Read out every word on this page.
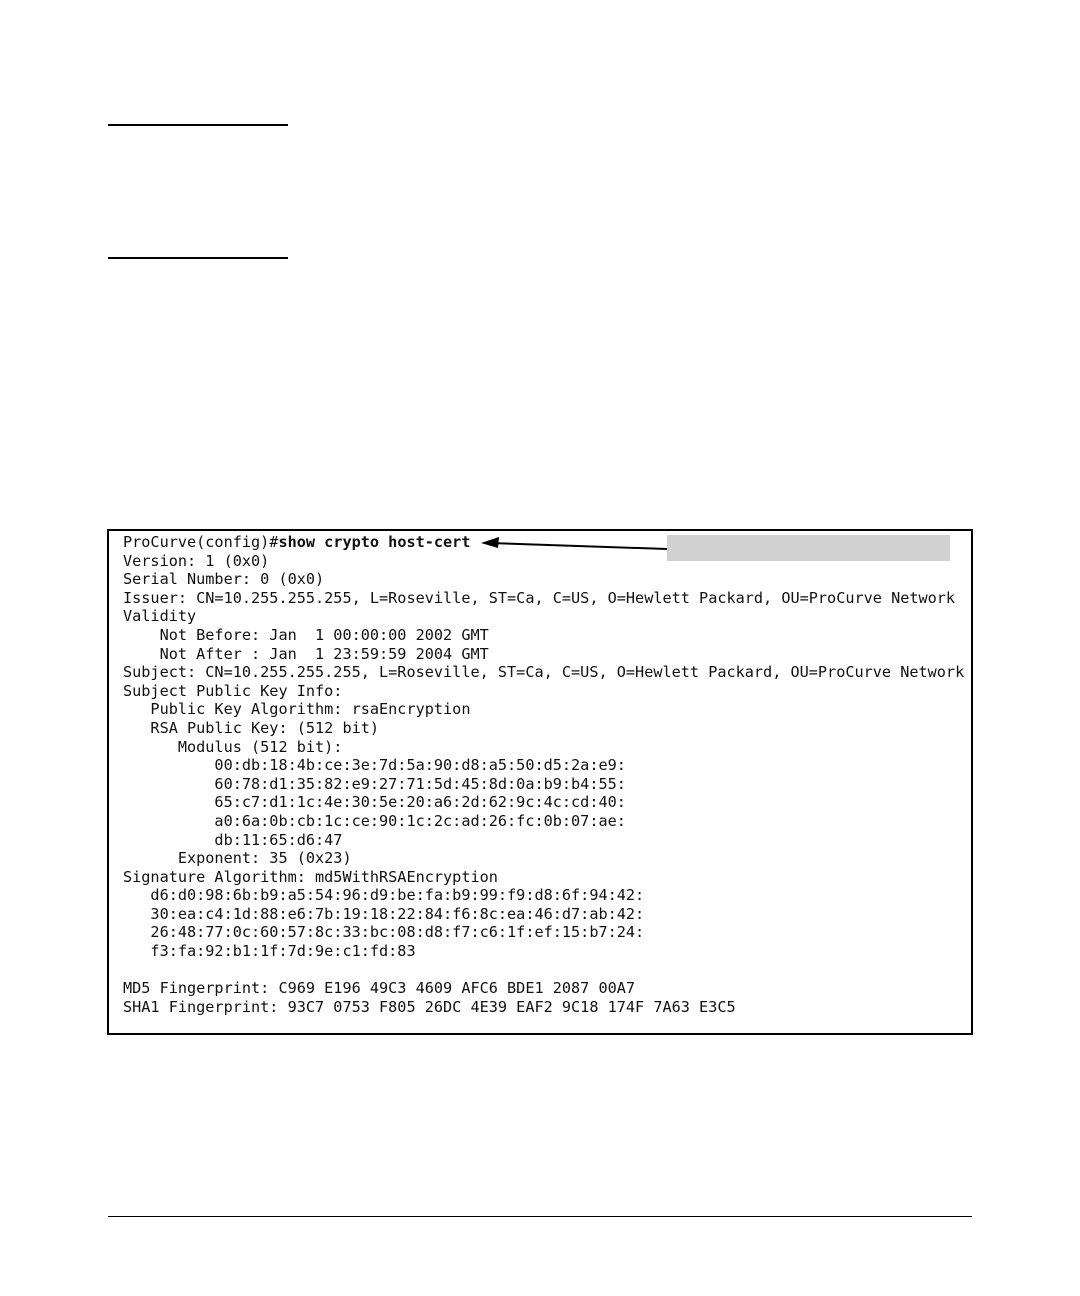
ProCurve(config)#show crypto host-cert
Version: 1 (0x0)
Serial Number: 0 (0x0)
Issuer: CN=10.255.255.255, L=Roseville, ST=Ca, C=US, O=Hewlett Packard, OU=ProCurve Network
Validity
Not Before: Jan  1 00:00:00 2002 GMT
Not After : Jan  1 23:59:59 2004 GMT
Subject: CN=10.255.255.255, L=Roseville, ST=Ca, C=US, O=Hewlett Packard, OU=ProCurve Network
Subject Public Key Info:
Public Key Algorithm: rsaEncryption
RSA Public Key: (512 bit)
Modulus (512 bit):
00:db:18:4b:ce:3e:7d:5a:90:d8:a5:50:d5:2a:e9:
60:78:d1:35:82:e9:27:71:5d:45:8d:0a:b9:b4:55:
65:c7:d1:1c:4e:30:5e:20:a6:2d:62:9c:4c:cd:40:
a0:6a:0b:cb:1c:ce:90:1c:2c:ad:26:fc:0b:07:ae:
db:11:65:d6:47
Exponent: 35 (0x23)
Signature Algorithm: md5WithRSAEncryption
d6:d0:98:6b:b9:a5:54:96:d9:be:fa:b9:99:f9:d8:6f:94:42:
30:ea:c4:1d:88:e6:7b:19:18:22:84:f6:8c:ea:46:d7:ab:42:
26:48:77:0c:60:57:8c:33:bc:08:d8:f7:c6:1f:ef:15:b7:24:
f3:fa:92:b1:1f:7d:9e:c1:fd:83

MD5 Fingerprint: C969 E196 49C3 4609 AFC6 BDE1 2087 00A7
SHA1 Fingerprint: 93C7 0753 F805 26DC 4E39 EAF2 9C18 174F 7A63 E3C5
